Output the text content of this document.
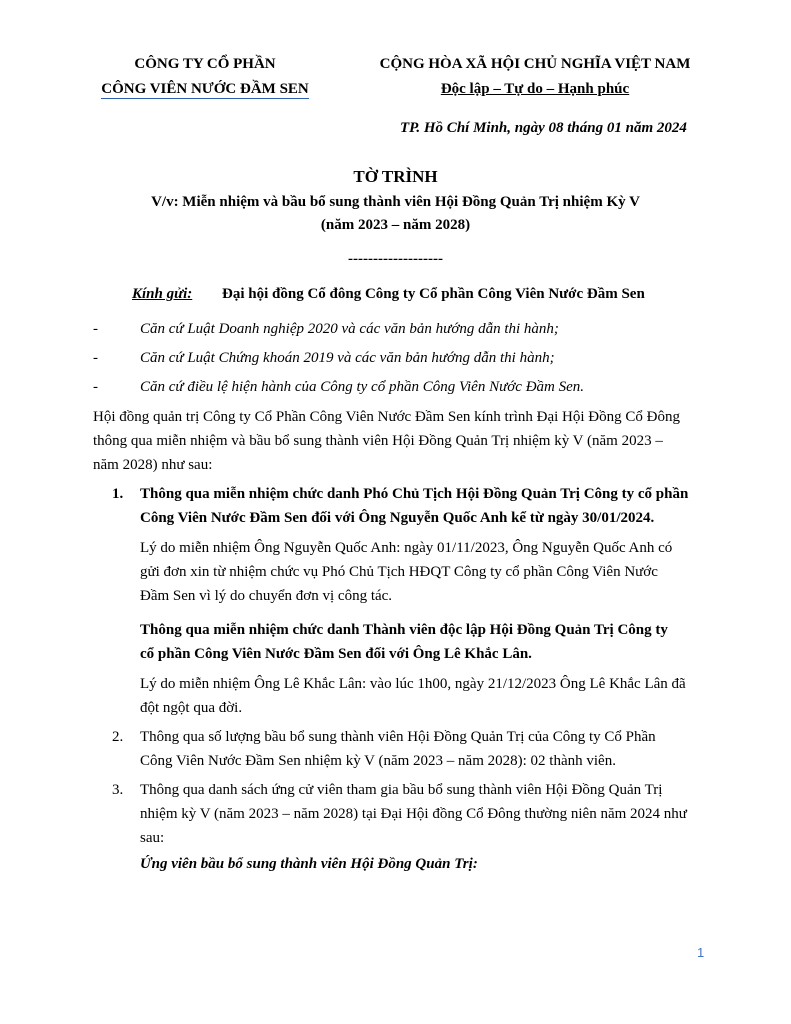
CÔNG TY CỔ PHẦN
CÔNG VIÊN NƯỚC ĐẦM SEN
CỘNG HÒA XÃ HỘI CHỦ NGHĨA VIỆT NAM
Độc lập – Tự do – Hạnh phúc
TP. Hồ Chí Minh, ngày 08 tháng 01 năm 2024
TỜ TRÌNH
V/v: Miễn nhiệm và bầu bổ sung thành viên Hội Đồng Quản Trị nhiệm Kỳ V
(năm 2023 – năm 2028)
-------------------
Kính gửi: Đại hội đồng Cổ đông Công ty Cổ phần Công Viên Nước Đầm Sen
-	Căn cứ Luật Doanh nghiệp 2020 và các văn bản hướng dẫn thi hành;
-	Căn cứ Luật Chứng khoán 2019 và các văn bản hướng dẫn thi hành;
-	Căn cứ điều lệ hiện hành của Công ty cổ phần Công Viên Nước Đầm Sen.
Hội đồng quản trị Công ty Cổ Phần Công Viên Nước Đầm Sen kính trình Đại Hội Đồng Cổ Đông
thông qua miễn nhiệm và bầu bổ sung thành viên Hội Đồng Quản Trị nhiệm kỳ V (năm 2023 –
năm 2028) như sau:
1. Thông qua miễn nhiệm chức danh Phó Chủ Tịch Hội Đồng Quản Trị Công ty cổ phần
Công Viên Nước Đầm Sen đối với Ông Nguyễn Quốc Anh kể từ ngày 30/01/2024.
Lý do miễn nhiệm Ông Nguyễn Quốc Anh: ngày 01/11/2023, Ông Nguyễn Quốc Anh có
gửi đơn xin từ nhiệm chức vụ Phó Chủ Tịch HĐQT Công ty cổ phần Công Viên Nước
Đầm Sen vì lý do chuyển đơn vị công tác.
Thông qua miễn nhiệm chức danh Thành viên độc lập Hội Đồng Quản Trị Công ty
cổ phần Công Viên Nước Đầm Sen đối với Ông Lê Khắc Lân.
Lý do miễn nhiệm Ông Lê Khắc Lân: vào lúc 1h00, ngày 21/12/2023 Ông Lê Khắc Lân đã
đột ngột qua đời.
2. Thông qua số lượng bầu bổ sung thành viên Hội Đồng Quản Trị của Công ty Cổ Phần
Công Viên Nước Đầm Sen nhiệm kỳ V (năm 2023 – năm 2028): 02 thành viên.
3. Thông qua danh sách ứng cử viên tham gia bầu bổ sung thành viên Hội Đồng Quản Trị
nhiệm kỳ V (năm 2023 – năm 2028) tại Đại Hội đồng Cổ Đông thường niên năm 2024 như
sau:
Ứng viên bầu bổ sung thành viên Hội Đồng Quản Trị:
1
